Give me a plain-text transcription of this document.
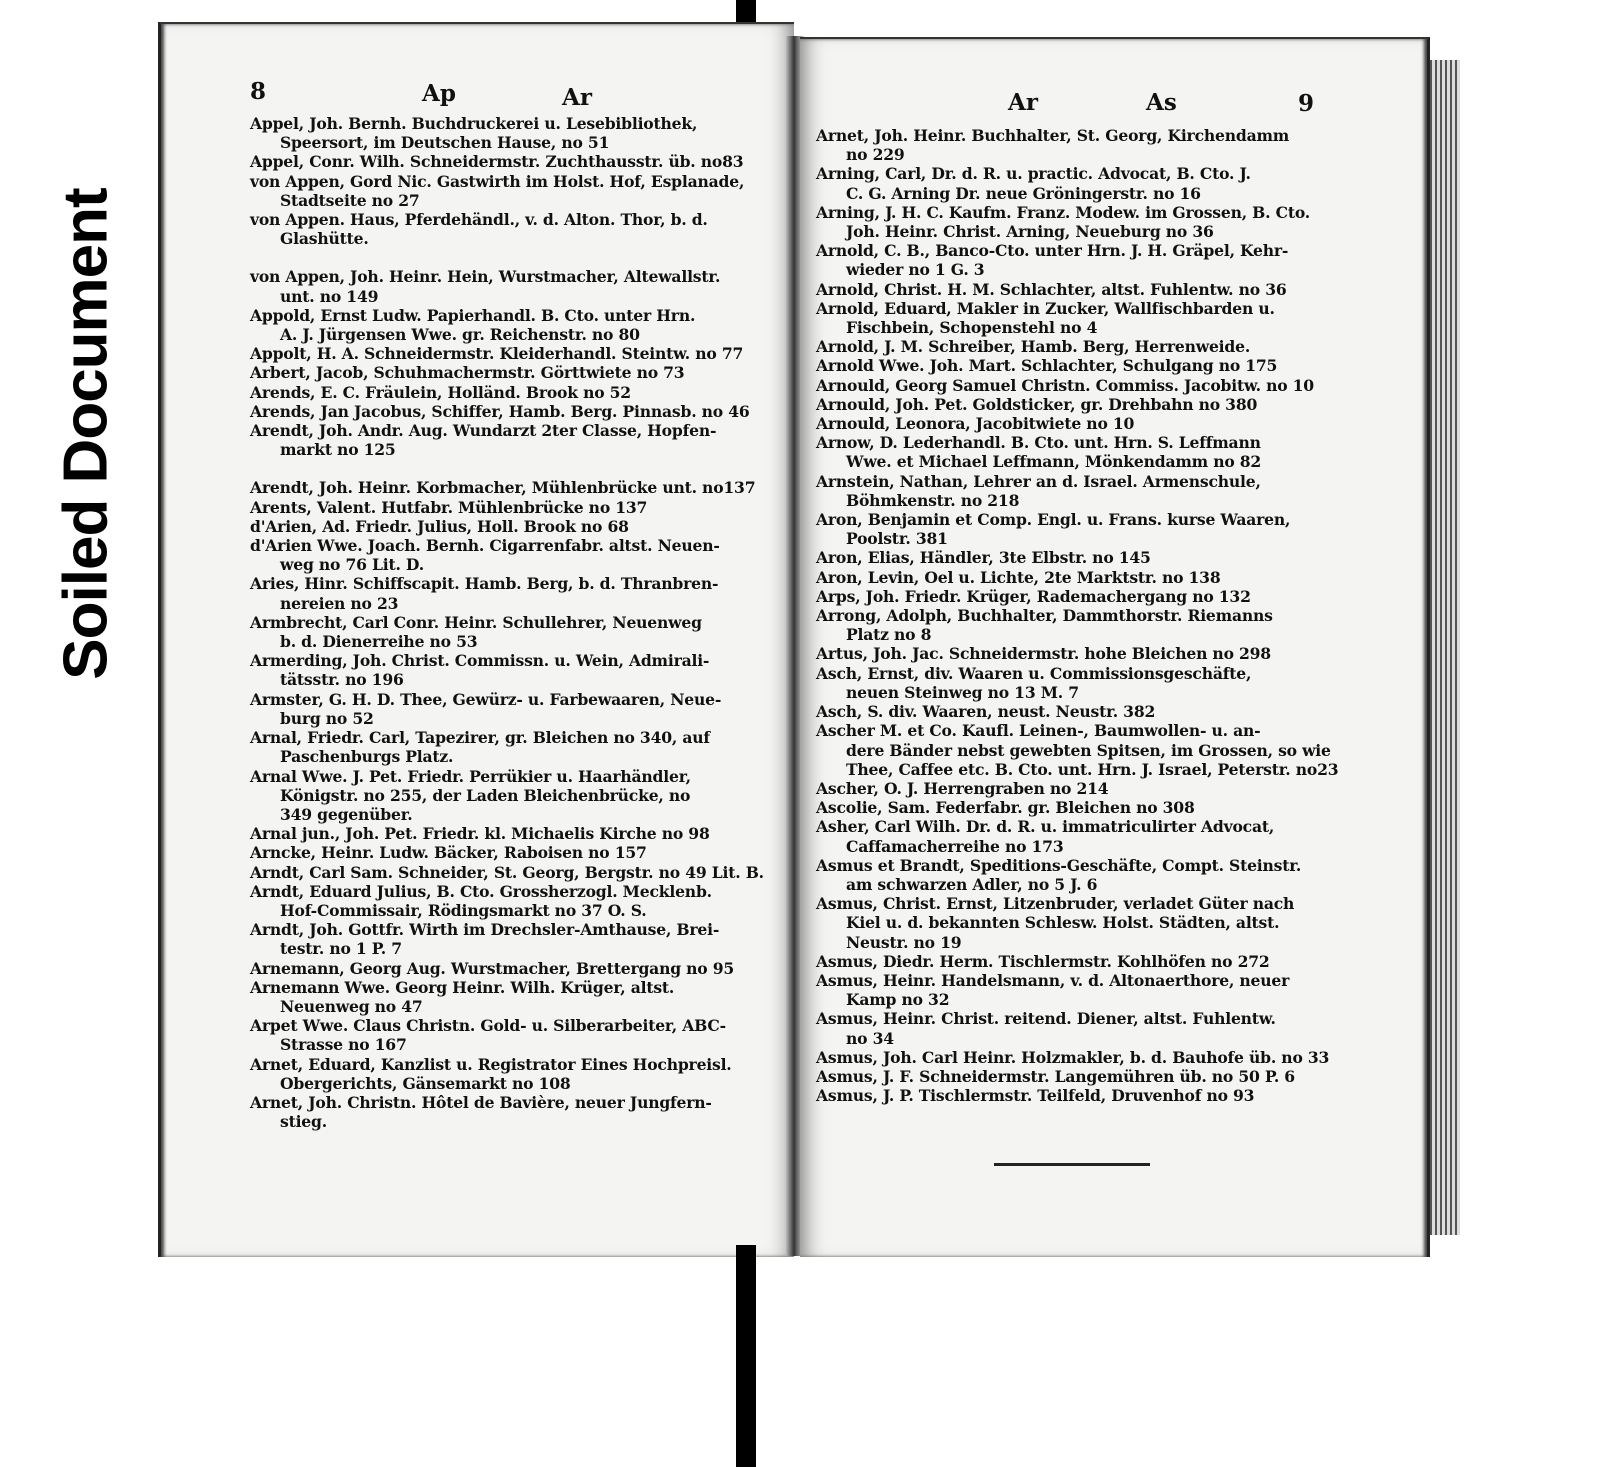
8	Ap	Ar	Ar	As	9
Appel, Joh. Bernh. Buchdruckerei u. Lesebibliothek,
Speersort, im Deutschen Hause, no 51
Appel, Conr. Wilh. Schneidermstr. Zuchthausstr. üb. no83
von Appen, Gord Nic. Gastwirth im Holst. Hof, Esplanade,
Stadtseite no 27
von Appen. Haus, Pferdehändl., v. d. Alton. Thor, b. d.
Glashütte.
von Appen, Joh. Heinr. Hein, Wurstmacher, Altewallstr.
unt. no 149
Appold, Ernst Ludw. Papierhandl. B. Cto. unter Hrn.
A. J. Jürgensen Wwe. gr. Reichenstr. no 80
Appolt, H. A. Schneidermstr. Kleiderhandl. Steintw. no 77
Arbert, Jacob, Schuhmachermstr. Görttwiete no 73
Arends, E. C. Fräulein, Holländ. Brook no 52
Arends, Jan Jacobus, Schiffer, Hamb. Berg. Pinnasb. no 46
Arendt, Joh. Andr. Aug. Wundarzt 2ter Classe, Hopfen-
markt no 125
Arendt, Joh. Heinr. Korbmacher, Mühlenbrücke unt. no137
Arents, Valent. Hutfabr. Mühlenbrücke no 137
d'Arien, Ad. Friedr. Julius, Holl. Brook no 68
d'Arien Wwe. Joach. Bernh. Cigarrenfabr. altst. Neuen-
weg no 76 Lit. D.
Aries, Hinr. Schiffscapit. Hamb. Berg, b. d. Thranbren-
nereien no 23
Armbrecht, Carl Conr. Heinr. Schullehrer, Neuenweg
b. d. Dienerreihe no 53
Armerding, Joh. Christ. Commissn. u. Wein, Admirali-
tätsstr. no 196
Armster, G. H. D. Thee, Gewürz- u. Farbewaaren, Neue-
burg no 52
Arnal, Friedr. Carl, Tapezirer, gr. Bleichen no 340, auf
Paschenburgs Platz.
Arnal Wwe. J. Pet. Friedr. Perrükier u. Haarhändler,
Königstr. no 255, der Laden Bleichenbrücke, no
349 gegenüber.
Arnal jun., Joh. Pet. Friedr. kl. Michaelis Kirche no 98
Arncke, Heinr. Ludw. Bäcker, Raboisen no 157
Arndt, Carl Sam. Schneider, St. Georg, Bergstr. no 49 Lit. B.
Arndt, Eduard Julius, B. Cto. Grossherzogl. Mecklenb.
Hof-Commissair, Rödingsmarkt no 37 O. S.
Arndt, Joh. Gottfr. Wirth im Drechsler-Amthause, Brei-
testr. no 1 P. 7
Arnemann, Georg Aug. Wurstmacher, Brettergang no 95
Arnemann Wwe. Georg Heinr. Wilh. Krüger, altst.
Neuenweg no 47
Arpet Wwe. Claus Christn. Gold- u. Silberarbeiter, ABC-
Strasse no 167
Arnet, Eduard, Kanzlist u. Registrator Eines Hochpreisl.
Obergerichts, Gänsemarkt no 108
Arnet, Joh. Christn. Hôtel de Bavière, neuer Jungfern-
stieg.
Arnet, Joh. Heinr. Buchhalter, St. Georg, Kirchendamm
no 229
Arning, Carl, Dr. d. R. u. practic. Advocat, B. Cto. J.
C. G. Arning Dr. neue Gröningerstr. no 16
Arning, J. H. C. Kaufm. Franz. Modew. im Grossen, B. Cto.
Joh. Heinr. Christ. Arning, Neueburg no 36
Arnold, C. B., Banco-Cto. unter Hrn. J. H. Gräpel, Kehr-
wieder no 1 G. 3
Arnold, Christ. H. M. Schlachter, altst. Fuhlentw. no 36
Arnold, Eduard, Makler in Zucker, Wallfischbarden u.
Fischbein, Schopenstehl no 4
Arnold, J. M. Schreiber, Hamb. Berg, Herrenweide.
Arnold Wwe. Joh. Mart. Schlachter, Schulgang no 175
Arnould, Georg Samuel Christn. Commiss. Jacobitw. no 10
Arnould, Joh. Pet. Goldsticker, gr. Drehbahn no 380
Arnould, Leonora, Jacobitwiete no 10
Arnow, D. Lederhandl. B. Cto. unt. Hrn. S. Leffmann
Wwe. et Michael Leffmann, Mönkendamm no 82
Arnstein, Nathan, Lehrer an d. Israel. Armenschule,
Böhmkenstr. no 218
Aron, Benjamin et Comp. Engl. u. Frans. kurse Waaren,
Poolstr. 381
Aron, Elias, Händler, 3te Elbstr. no 145
Aron, Levin, Oel u. Lichte, 2te Marktstr. no 138
Arps, Joh. Friedr. Krüger, Rademachergang no 132
Arrong, Adolph, Buchhalter, Dammthorstr. Riemanns
Platz no 8
Artus, Joh. Jac. Schneidermstr. hohe Bleichen no 298
Asch, Ernst, div. Waaren u. Commissionsgeschäfte,
neuen Steinweg no 13 M. 7
Asch, S. div. Waaren, neust. Neustr. 382
Ascher M. et Co. Kaufl. Leinen-, Baumwollen- u. an-
dere Bänder nebst gewebten Spitsen, im Grossen, so wie
Thee, Caffee etc. B. Cto. unt. Hrn. J. Israel, Peterstr. no23
Ascher, O. J. Herrengraben no 214
Ascolie, Sam. Federfabr. gr. Bleichen no 308
Asher, Carl Wilh. Dr. d. R. u. immatriculirter Advocat,
Caffamacherreihe no 173
Asmus et Brandt, Speditions-Geschäfte, Compt. Steinstr.
am schwarzen Adler, no 5 J. 6
Asmus, Christ. Ernst, Litzenbruder, verladet Güter nach
Kiel u. d. bekannten Schlesw. Holst. Städten, altst.
Neustr. no 19
Asmus, Diedr. Herm. Tischlermstr. Kohlhöfen no 272
Asmus, Heinr. Handelsmann, v. d. Altonaerthore, neuer
Kamp no 32
Asmus, Heinr. Christ. reitend. Diener, altst. Fuhlentw.
no 34
Asmus, Joh. Carl Heinr. Holzmakler, b. d. Bauhofe üb. no 33
Asmus, J. F. Schneidermstr. Langemühren üb. no 50 P. 6
Asmus, J. P. Tischlermstr. Teilfeld, Druvenhof no 93
Soiled Document
